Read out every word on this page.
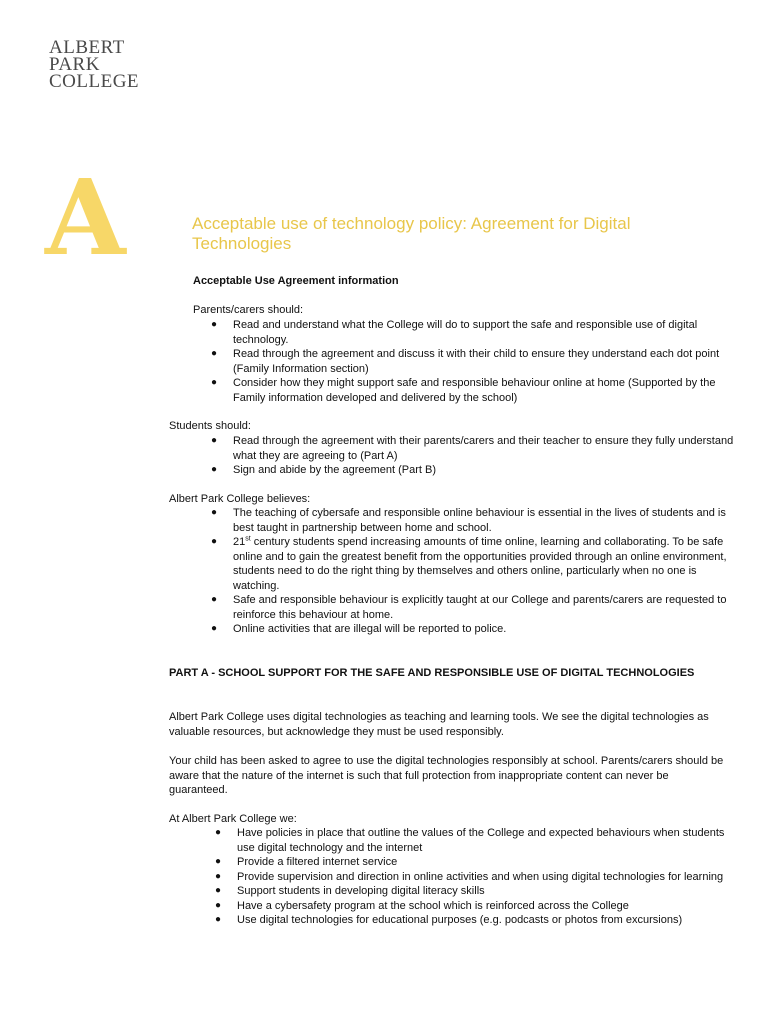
ALBERT
PARK
COLLEGE
A	Acceptable use of technology policy: Agreement for Digital Technologies
Acceptable Use Agreement information
Parents/carers should:
● Read and understand what the College will do to support the safe and responsible use of digital technology.
● Read through the agreement and discuss it with their child to ensure they understand each dot point (Family Information section)
● Consider how they might support safe and responsible behaviour online at home (Supported by the Family information developed and delivered by the school)
Students should:
● Read through the agreement with their parents/carers and their teacher to ensure they fully understand what they are agreeing to (Part A)
● Sign and abide by the agreement (Part B)
Albert Park College believes:
● The teaching of cybersafe and responsible online behaviour is essential in the lives of students and is best taught in partnership between home and school.
● 21st century students spend increasing amounts of time online, learning and collaborating. To be safe online and to gain the greatest benefit from the opportunities provided through an online environment, students need to do the right thing by themselves and others online, particularly when no one is watching.
● Safe and responsible behaviour is explicitly taught at our College and parents/carers are requested to reinforce this behaviour at home.
● Online activities that are illegal will be reported to police.
PART A - SCHOOL SUPPORT FOR THE SAFE AND RESPONSIBLE USE OF DIGITAL TECHNOLOGIES

Albert Park College uses digital technologies as teaching and learning tools. We see the digital technologies as valuable resources, but acknowledge they must be used responsibly.

Your child has been asked to agree to use the digital technologies responsibly at school. Parents/carers should be aware that the nature of the internet is such that full protection from inappropriate content can never be guaranteed.

At Albert Park College we:
● Have policies in place that outline the values of the College and expected behaviours when students use digital technology and the internet
● Provide a filtered internet service
● Provide supervision and direction in online activities and when using digital technologies for learning
● Support students in developing digital literacy skills
● Have a cybersafety program at the school which is reinforced across the College
● Use digital technologies for educational purposes (e.g. podcasts or photos from excursions)
